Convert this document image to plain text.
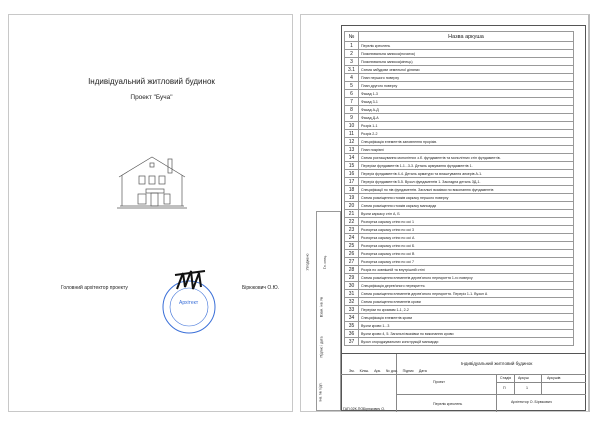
Індивідуальний житловий будинок
Проект "Буча"
Головний архітектор проекту	Бірюкович О.Ю.
Архітект
Узгоджено	Гл. спец.
Взам. інв. №
Підпис і дата
Інв. № підп.
№	Назва аркуша
1	Перелік креслень
2	Пояснювальна записка(початок)
3	Пояснювальна записка(кінець)
3.1	Схема забудови земельної ділянки
4	План першого поверху
5	План другого поверху
6	Фасад 1-3
7	Фасад 3-1
8	Фасад А-Д
9	Фасад Д-А
10	Розріз 1-1
11	Розріз 2-2
12	Специфікація елементів заповнення прорізів.
13	План покрівлі
14	Схема розташування монолітних з.б. фундаментів та монолітних стін фундаментів.
15	Перерізи фундаментів 1-1...3-3. Деталь армування фундаментів 1.
16	Переріз фундаментів 4-4. Деталь арматури та влаштування анкерів А-1.
17	Переріз фундаментів 5-5. Вузол фундаментів 1. Закладна деталь ЗД-1.
18	Специфікації по пів фундаментів. Загальні вказівки по виконанню фундаментів
19	Схема розміщення стояків каркасу першого поверху
20	Схема розміщення стояків каркасу мансарди
21	Вузли каркасу стін А, Б
22	Розгортка каркасу стіни по осі 1
23	Розгортка каркасу стіни по осі 3
24	Розгортка каркасу стіни по осі А
25	Розгортка каркасу стіни по осі Б
26	Розгортка каркасу стіни по осі В
27	Розгортка каркасу стіни по осі 7
28	Розріз по зовнішній та внутрішній стіні
29	Схема розміщення елементів дерев'яного перекриття 1-го поверху
30	Специфікація дерев'яного перекриття.
31	Схема розміщення елементів дерев'яного перекриття. Переріз 1-1. Вузол А
32	Схема розміщення елементів крови
33	Перерізи по кроквам 1-1, 2-2
34	Специфікація елементів крови
35	Вузли крови 1...3
36	Вузли крови 4, 5. Загальні вказівки по виконанню крови
37	Вузол огороджувальних конструкцій мансарди
Зм. Кільк. Арк. № док. Підпис Дата
Індивідуальний житловий будинок
Проект
Стадія Аркуш	Аркушів
П	1
Перелік креслень	Архітектор О. Бірюкович
ГАП.02К.ПО.
Бірюкович О.
